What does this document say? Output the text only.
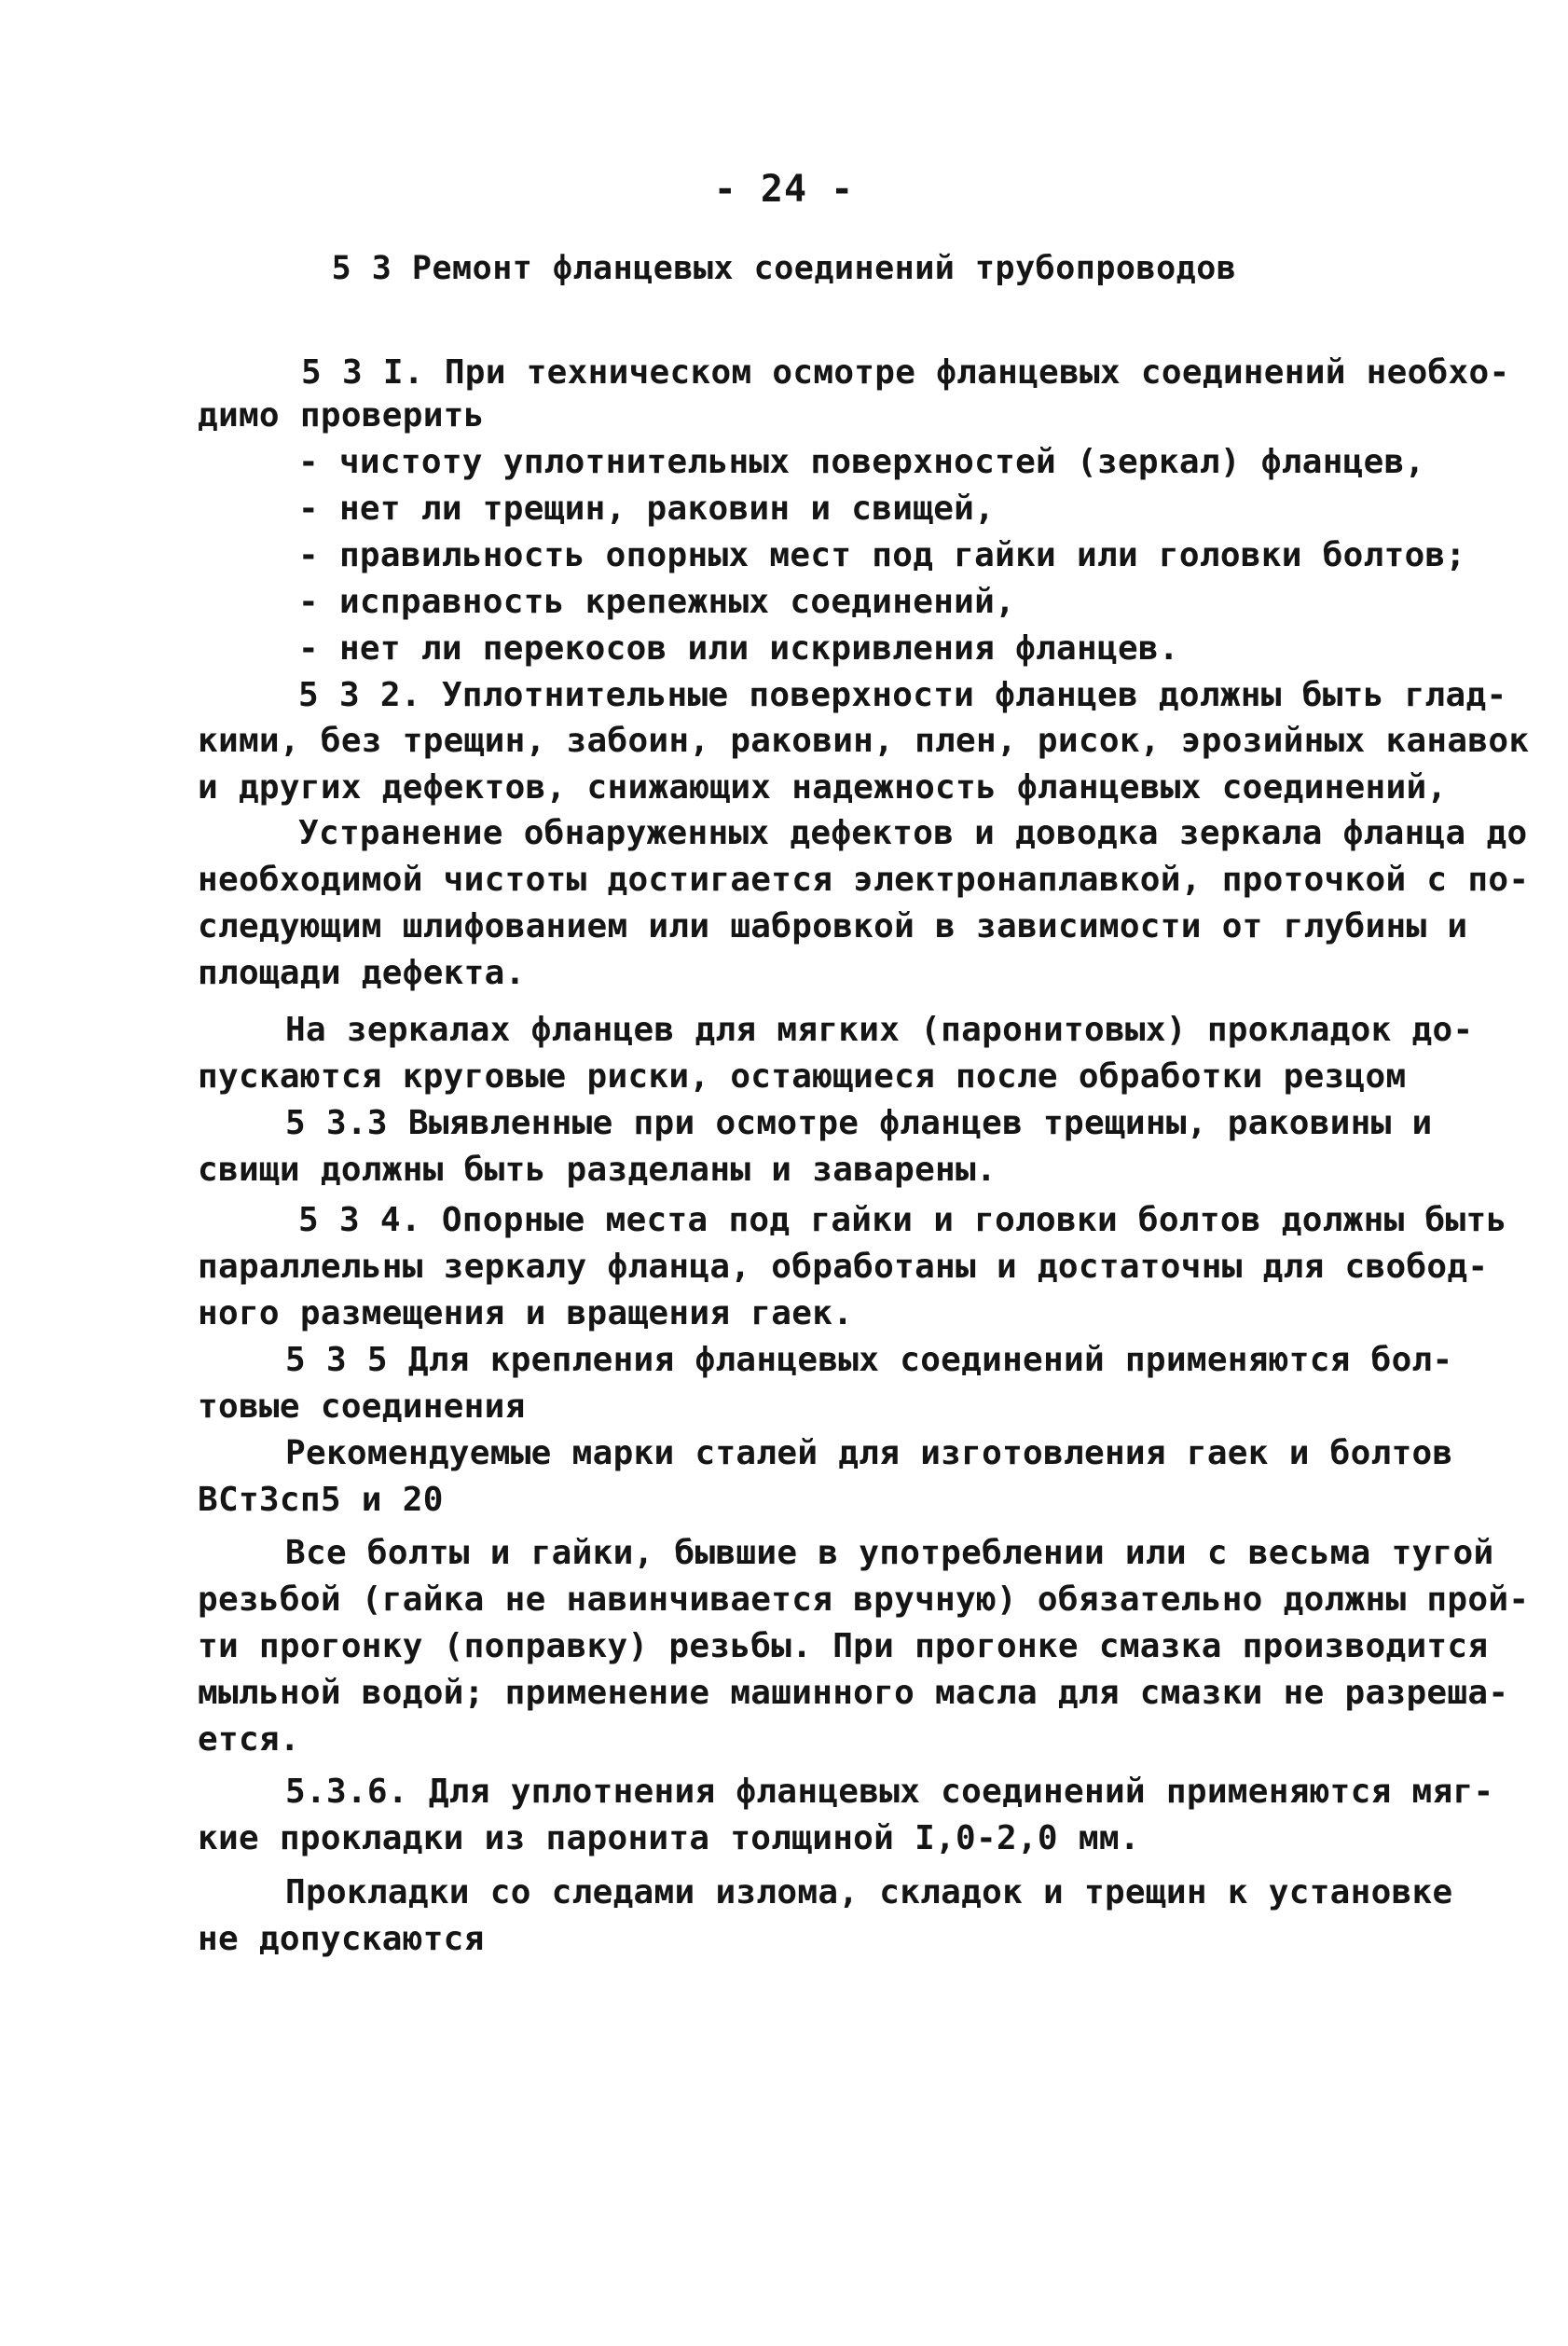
- 24 -
5 3 Ремонт фланцевых соединений трубопроводов
5 3 I. При техническом осмотре фланцевых соединений необхо-
димо проверить
- чистоту уплотнительных поверхностей (зеркал) фланцев,
- нет ли трещин, раковин и свищей,
- правильность опорных мест под гайки или головки болтов;
- исправность крепежных соединений,
- нет ли перекосов или искривления фланцев.
5 3 2. Уплотнительные поверхности фланцев должны быть глад-
кими, без трещин, забоин, раковин, плен, рисок, эрозийных канавок
и других дефектов, снижающих надежность фланцевых соединений,
Устранение обнаруженных дефектов и доводка зеркала фланца до
необходимой чистоты достигается электронаплавкой, проточкой с по-
следующим шлифованием или шабровкой в зависимости от глубины и
площади дефекта.
На зеркалах фланцев для мягких (паронитовых) прокладок до-
пускаются круговые риски, остающиеся после обработки резцом
5 3.3 Выявленные при осмотре фланцев трещины, раковины и
свищи должны быть разделаны и заварены.
5 3 4. Опорные места под гайки и головки болтов должны быть
параллельны зеркалу фланца, обработаны и достаточны для свобод-
ного размещения и вращения гаек.
5 3 5 Для крепления фланцевых соединений применяются бол-
товые соединения
Рекомендуемые марки сталей для изготовления гаек и болтов
ВСт3сп5 и 20
Все болты и гайки, бывшие в употреблении или с весьма тугой
резьбой (гайка не навинчивается вручную) обязательно должны прой-
ти прогонку (поправку) резьбы. При прогонке смазка производится
мыльной водой; применение машинного масла для смазки не разреша-
ется.
5.3.6. Для уплотнения фланцевых соединений применяются мяг-
кие прокладки из паронита толщиной I,0-2,0 мм.
Прокладки со следами излома, складок и трещин к установке
не допускаются
